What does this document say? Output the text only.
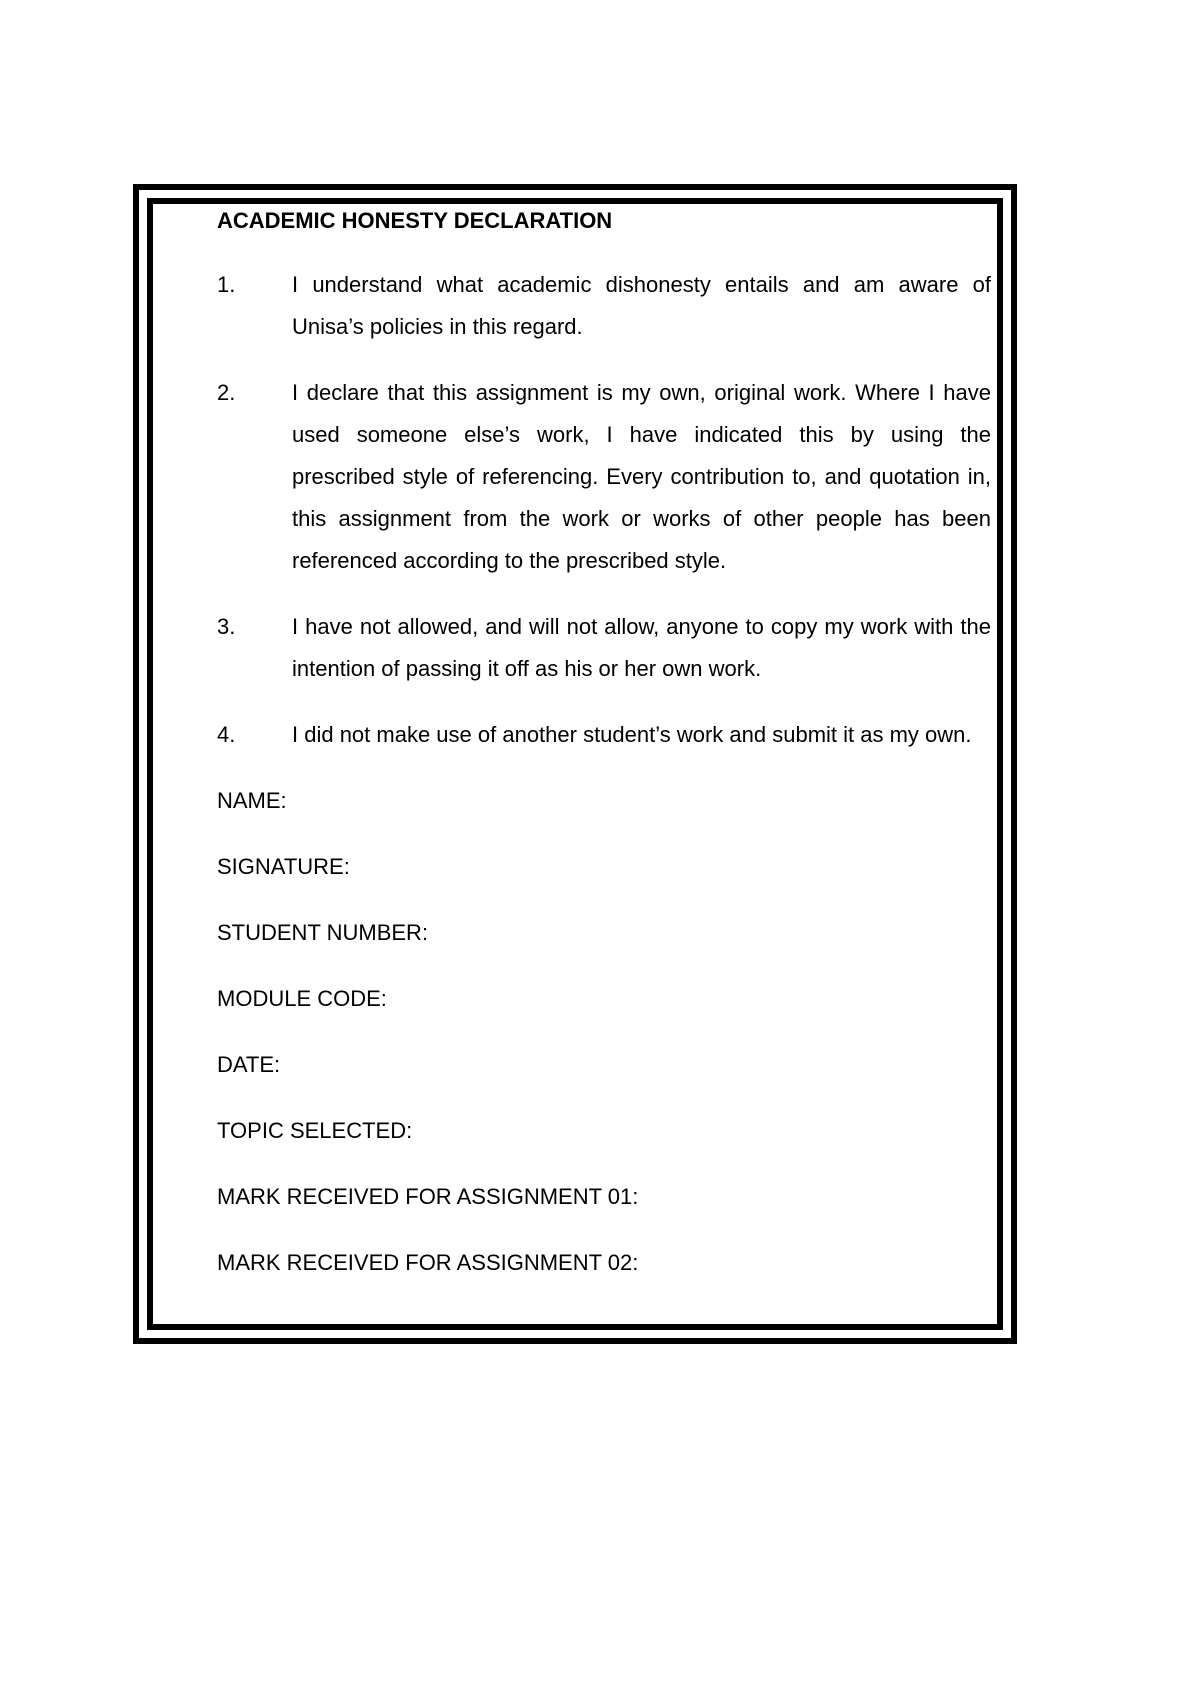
ACADEMIC HONESTY DECLARATION
1.	I understand what academic dishonesty entails and am aware of Unisa’s policies in this regard.
2.	I declare that this assignment is my own, original work. Where I have used someone else’s work, I have indicated this by using the prescribed style of referencing. Every contribution to, and quotation in, this assignment from the work or works of other people has been referenced according to the prescribed style.
3.	I have not allowed, and will not allow, anyone to copy my work with the intention of passing it off as his or her own work.
4.	I did not make use of another student’s work and submit it as my own.
NAME:
SIGNATURE:
STUDENT NUMBER:
MODULE CODE:
DATE:
TOPIC SELECTED:
MARK RECEIVED FOR ASSIGNMENT 01:
MARK RECEIVED FOR ASSIGNMENT 02:
